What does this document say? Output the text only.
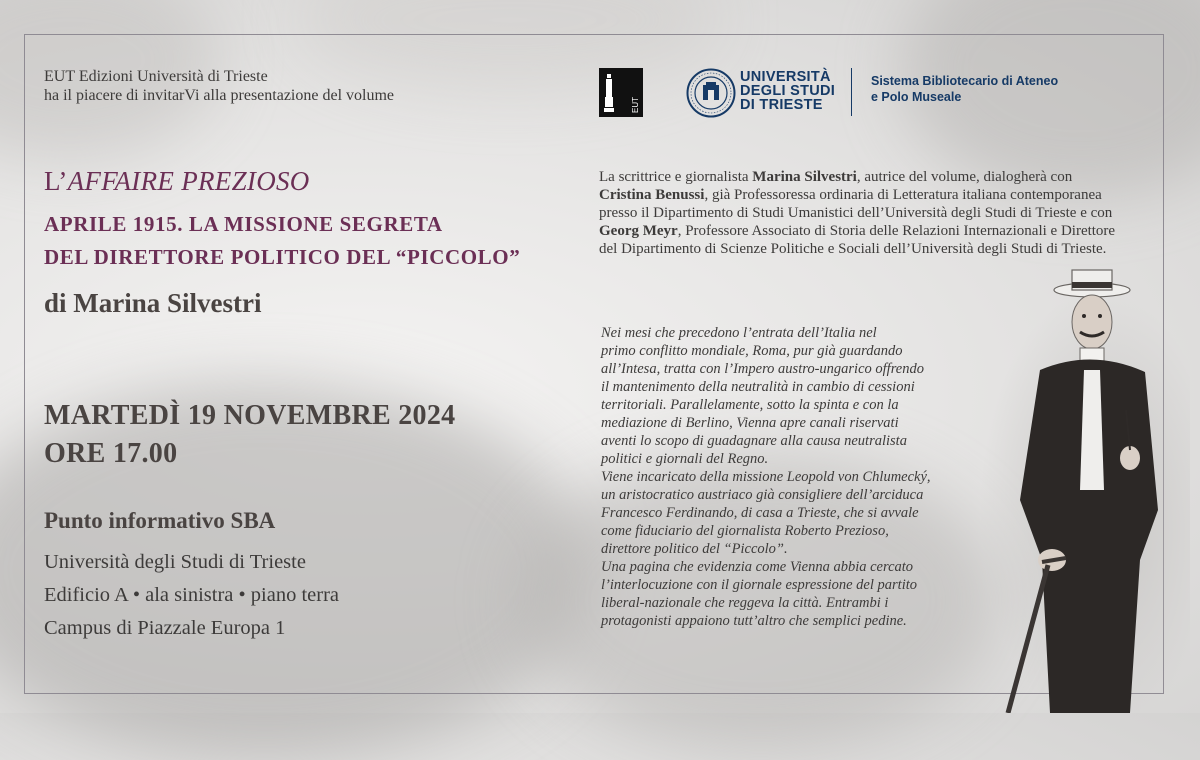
EUT Edizioni Università di Trieste
ha il piacere di invitarVi alla presentazione del volume
L’AFFAIRE PREZIOSO
APRILE 1915. LA MISSIONE SEGRETA
DEL DIRETTORE POLITICO DEL “PICCOLO”
di Marina Silvestri
MARTEDÌ 19 NOVEMBRE 2024
ORE 17.00
Punto informativo SBA
Università degli Studi di Trieste
Edificio A • ala sinistra • piano terra
Campus di Piazzale Europa 1
EUT
UNIVERSITÀ
DEGLI STUDI
DI TRIESTE
Sistema Bibliotecario di Ateneo
e Polo Museale
La scrittrice e giornalista Marina Silvestri, autrice del volume, dialogherà con Cristina Benussi, già Professoressa ordinaria di Letteratura italiana contemporanea presso il Dipartimento di Studi Umanistici dell’Università degli Studi di Trieste e con Georg Meyr, Professore Associato di Storia delle Relazioni Internazionali e Direttore del Dipartimento di Scienze Politiche e Sociali dell’Università degli Studi di Trieste.
Nei mesi che precedono l’entrata dell’Italia nel
primo conflitto mondiale, Roma, pur già guardando
all’Intesa, tratta con l’Impero austro-ungarico offrendo
il mantenimento della neutralità in cambio di cessioni
territoriali. Parallelamente, sotto la spinta e con la
mediazione di Berlino, Vienna apre canali riservati
aventi lo scopo di guadagnare alla causa neutralista
politici e giornali del Regno.
Viene incaricato della missione Leopold von Chlumecký,
un aristocratico austriaco già consigliere dell’arciduca
Francesco Ferdinando, di casa a Trieste, che si avvale
come fiduciario del giornalista Roberto Prezioso,
direttore politico del “Piccolo”.
Una pagina che evidenzia come Vienna abbia cercato
l’interlocuzione con il giornale espressione del partito
liberal-nazionale che reggeva la città. Entrambi i
protagonisti appaiono tutt’altro che semplici pedine.
